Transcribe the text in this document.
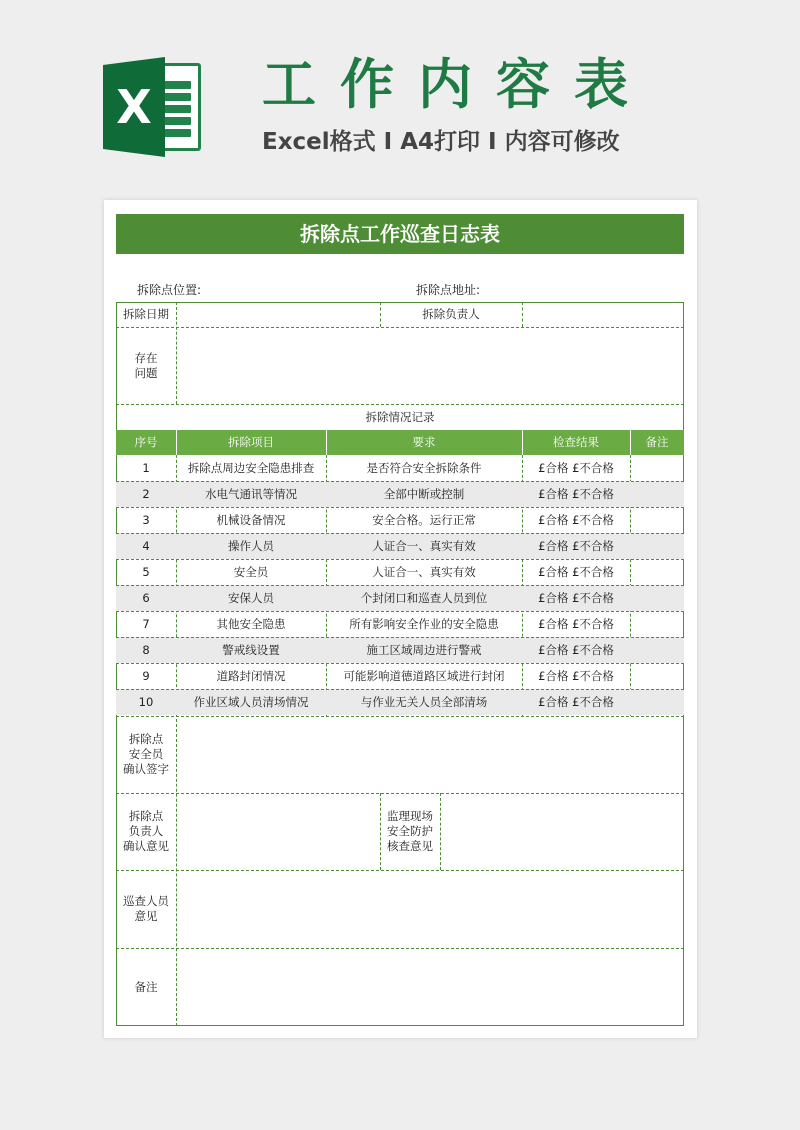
X 工作内容表
Excel格式 I A4打印 I 内容可修改
拆除点工作巡查日志表
拆除点位置:	拆除点地址:
拆除日期	拆除负责人
存在
问题
拆除情况记录
序号	拆除项目	要求	检查结果	备注
1	拆除点周边安全隐患排查	是否符合安全拆除条件	£合格 £不合格
2	水电气通讯等情况	全部中断或控制	£合格 £不合格
3	机械设备情况	安全合格。运行正常	£合格 £不合格
4	操作人员	人证合一、真实有效	£合格 £不合格
5	安全员	人证合一、真实有效	£合格 £不合格
6	安保人员	个封闭口和巡查人员到位	£合格 £不合格
7	其他安全隐患	所有影响安全作业的安全隐患	£合格 £不合格
8	警戒线设置	施工区域周边进行警戒	£合格 £不合格
9	道路封闭情况	可能影响道德道路区域进行封闭	£合格 £不合格
10	作业区域人员清场情况	与作业无关人员全部清场	£合格 £不合格
拆除点
安全员
确认签字
拆除点
负责人
确认意见
监理现场
安全防护
核查意见
巡查人员
意见
备注
